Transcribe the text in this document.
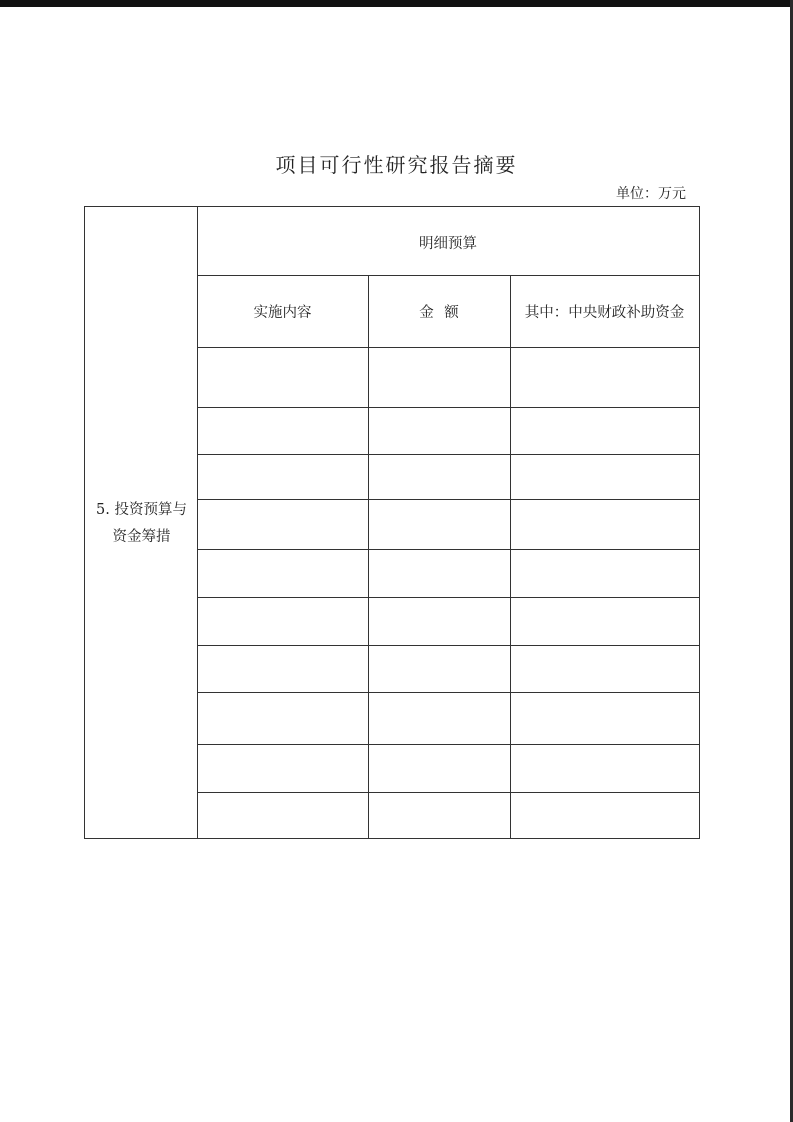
项目可行性研究报告摘要
单位：万元
5. 投资预算与
资金筹措
明细预算
实施内容	金 额	其中：中央财政补助资金
